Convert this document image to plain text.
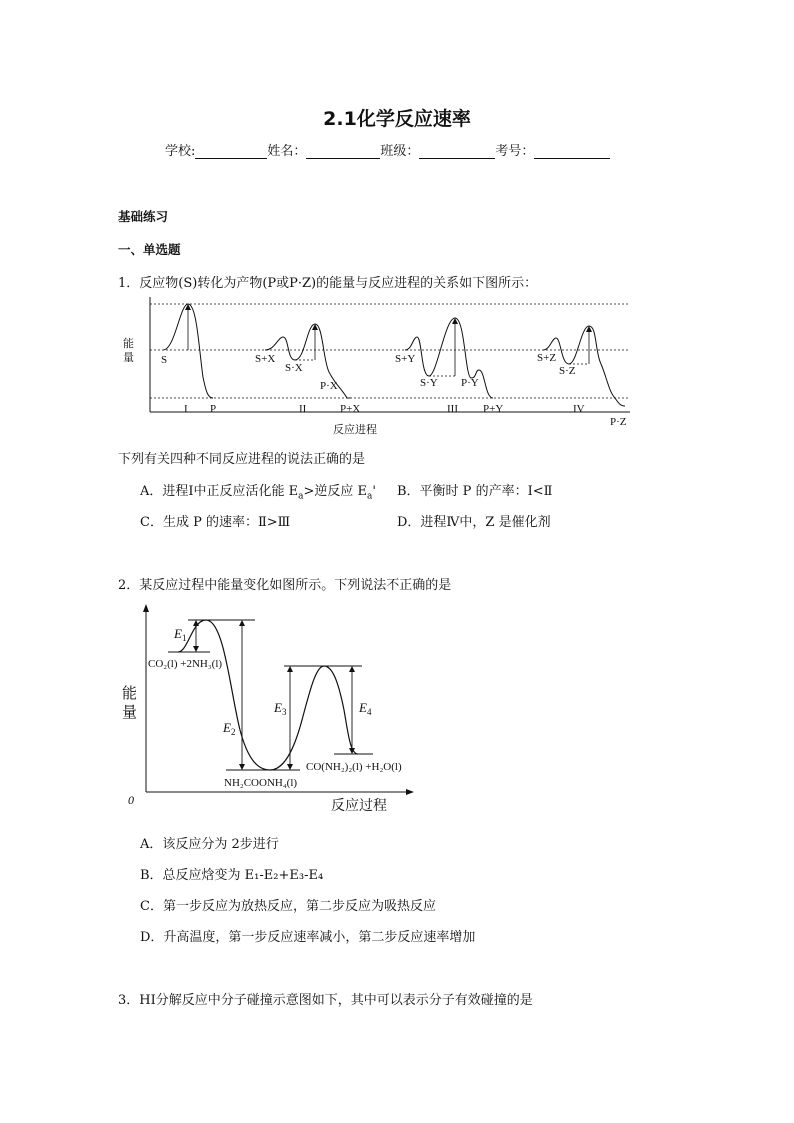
2.1化学反应速率
学校:	姓名：	班级：	考号：
基础练习
一、单选题
1．反应物(S)转化为产物(P或P·Z)的能量与反应进程的关系如下图所示：
能
量
反应进程
S
I P
S+X
S·X
P·X
II	P+X
S+Y
S·Y P·Y
III P+Y
S+Z
S·Z
IV
P·Z
下列有关四种不同反应进程的说法正确的是
A．进程Ⅰ中正反应活化能 $E_a>$逆反应 $E_a'$ B．平衡时 P 的产率：Ⅰ<Ⅱ
C．生成 P 的速率：Ⅱ>Ⅲ	D．进程Ⅳ中，Z 是催化剂
2．某反应过程中能量变化如图所示。下列说法不正确的是
能
量
0	反应过程
$E_1$
$E_2$
$E_3$	$E_4$
CO₂(l) +2NH₃(l)
NH₂COONH₄(l)
CO(NH₂)₂(l) +H₂O(l)
A．该反应分为 2步进行
B．总反应焓变为 E₁-E₂+E₃-E₄
C．第一步反应为放热反应，第二步反应为吸热反应
D．升高温度，第一步反应速率减小，第二步反应速率增加
3．HI分解反应中分子碰撞示意图如下，其中可以表示分子有效碰撞的是
